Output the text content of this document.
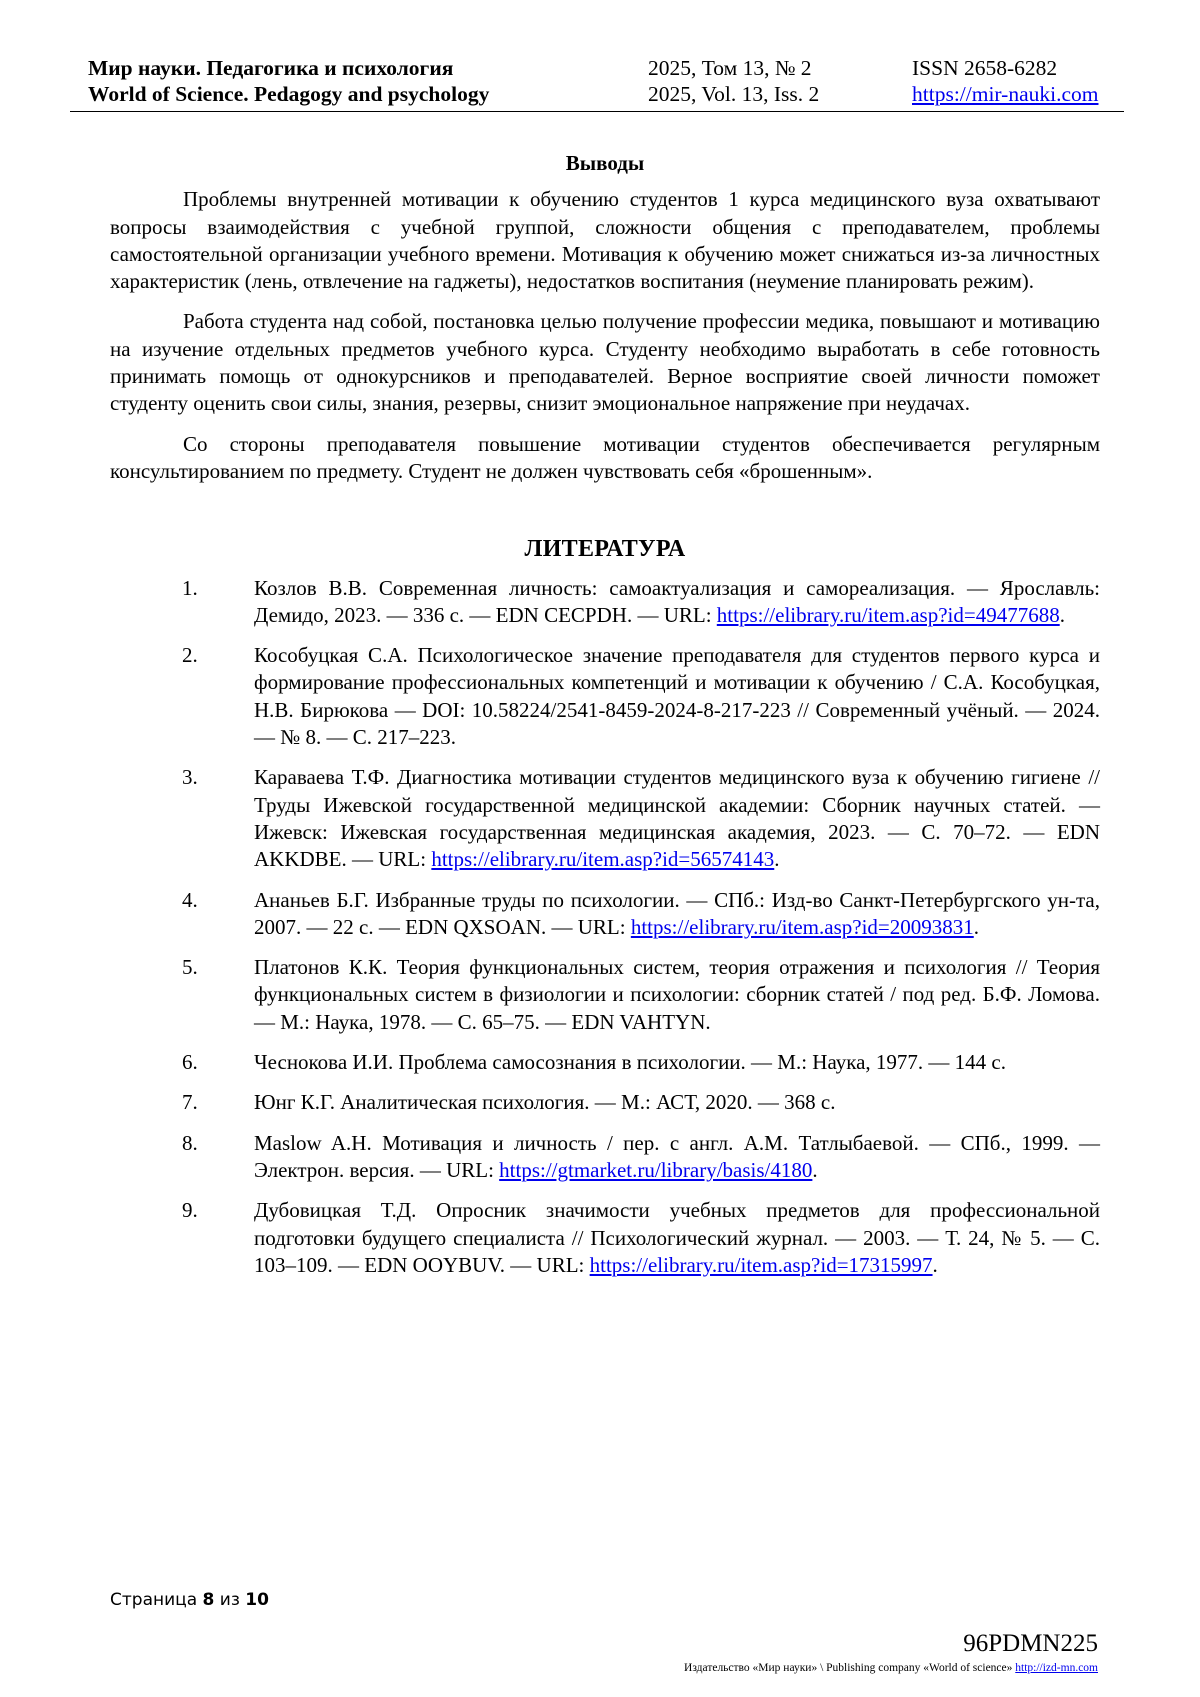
Мир науки. Педагогика и психология
World of Science. Pedagogy and psychology
2025, Том 13, № 2
2025, Vol. 13, Iss. 2
ISSN 2658-6282
https://mir-nauki.com
Выводы

Проблемы внутренней мотивации к обучению студентов 1 курса медицинского вуза охватывают вопросы взаимодействия с учебной группой, сложности общения с преподавателем, проблемы самостоятельной организации учебного времени. Мотивация к обучению может снижаться из-за личностных характеристик (лень, отвлечение на гаджеты), недостатков воспитания (неумение планировать режим).

Работа студента над собой, постановка целью получение профессии медика, повышают и мотивацию на изучение отдельных предметов учебного курса. Студенту необходимо выработать в себе готовность принимать помощь от однокурсников и преподавателей. Верное восприятие своей личности поможет студенту оценить свои силы, знания, резервы, снизит эмоциональное напряжение при неудачах.

Со стороны преподавателя повышение мотивации студентов обеспечивается регулярным консультированием по предмету. Студент не должен чувствовать себя «брошенным».

ЛИТЕРАТУРА
1.	Козлов В.В. Современная личность: самоактуализация и самореализация. — Ярославль: Демидо, 2023. — 336 с. — EDN CECPDH. — URL: https://elibrary.ru/item.asp?id=49477688.
2.	Кособуцкая С.А. Психологическое значение преподавателя для студентов первого курса и формирование профессиональных компетенций и мотивации к обучению / С.А. Кособуцкая, Н.В. Бирюкова — DOI: 10.58224/2541-8459-2024-8-217-223 // Современный учёный. — 2024. — № 8. — С. 217–223.
3.	Караваева Т.Ф. Диагностика мотивации студентов медицинского вуза к обучению гигиене // Труды Ижевской государственной медицинской академии: Сборник научных статей. — Ижевск: Ижевская государственная медицинская академия, 2023. — С. 70–72. — EDN AKKDBE. — URL: https://elibrary.ru/item.asp?id=56574143.
4.	Ананьев Б.Г. Избранные труды по психологии. — СПб.: Изд-во Санкт-Петербургского ун-та, 2007. — 22 с. — EDN QXSOAN. — URL: https://elibrary.ru/item.asp?id=20093831.
5.	Платонов К.К. Теория функциональных систем, теория отражения и психология // Теория функциональных систем в физиологии и психологии: сборник статей / под ред. Б.Ф. Ломова. — М.: Наука, 1978. — С. 65–75. — EDN VAHTYN.
6.	Чеснокова И.И. Проблема самосознания в психологии. — М.: Наука, 1977. — 144 с.
7.	Юнг К.Г. Аналитическая психология. — М.: АСТ, 2020. — 368 с.
8.	Maslow A.H. Мотивация и личность / пер. с англ. А.М. Татлыбаевой. — СПб., 1999. — Электрон. версия. — URL: https://gtmarket.ru/library/basis/4180.
9.	Дубовицкая Т.Д. Опросник значимости учебных предметов для профессиональной подготовки будущего специалиста // Психологический журнал. — 2003. — Т. 24, № 5. — С. 103–109. — EDN OOYBUV. — URL: https://elibrary.ru/item.asp?id=17315997.
Страница 8 из 10
96PDMN225
Издательство «Мир науки» \ Publishing company «World of science» http://izd-mn.com
